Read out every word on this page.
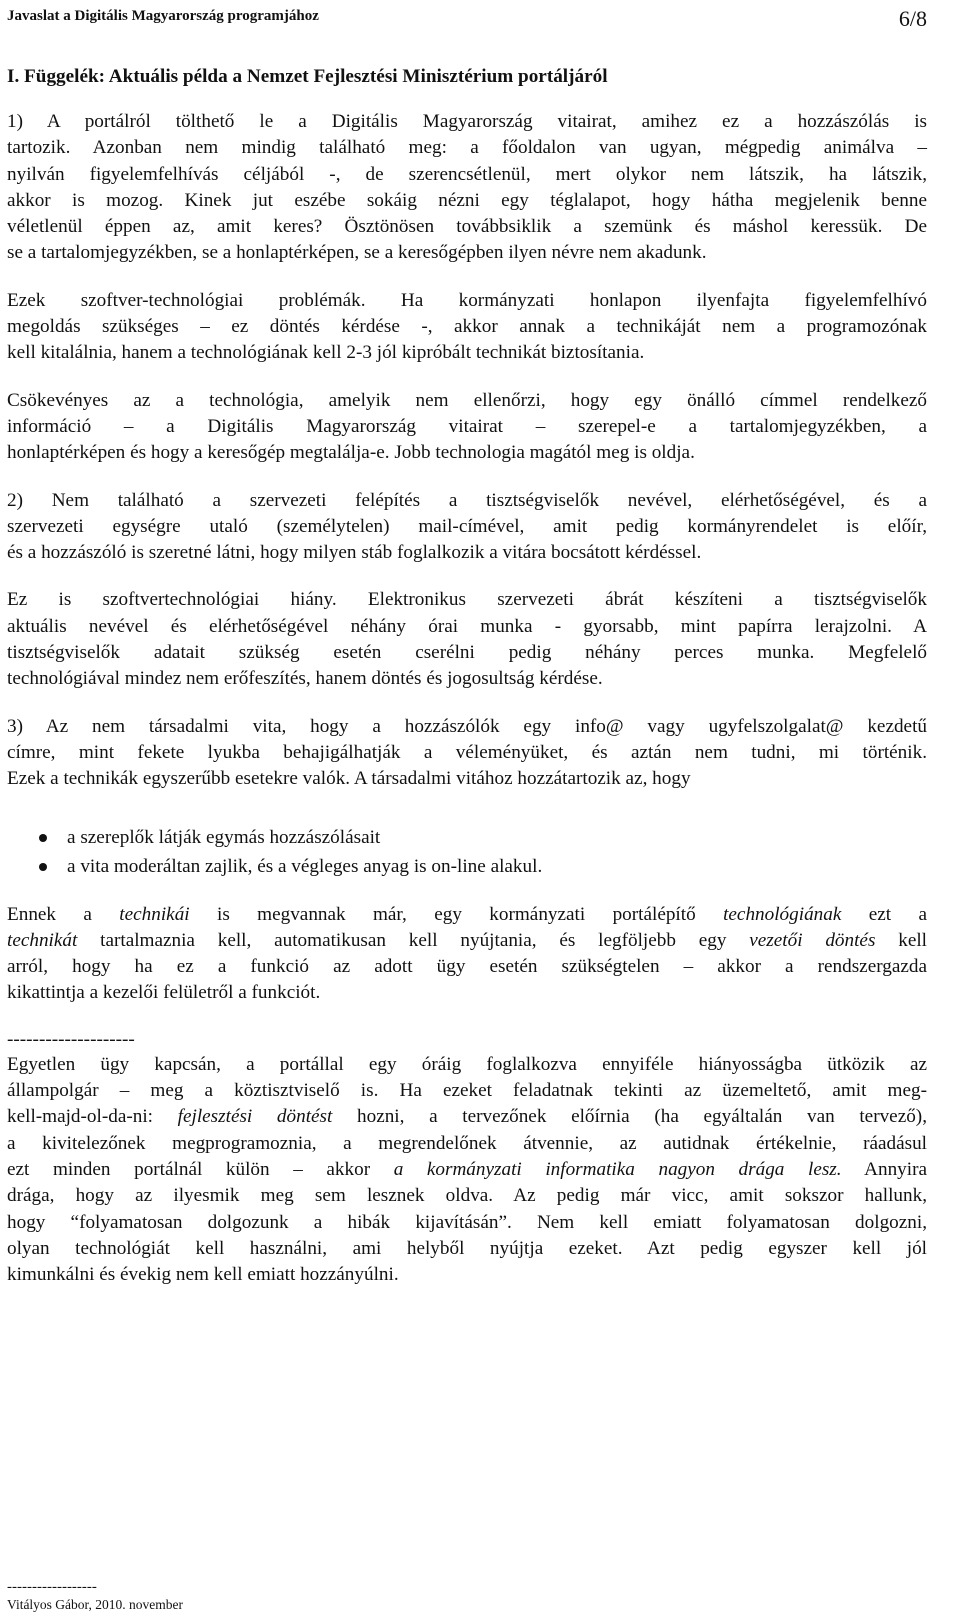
Javaslat a Digitális Magyarország programjához	6/8
I. Függelék: Aktuális példa a Nemzet Fejlesztési Minisztérium portáljáról
1) A portálról tölthető le a Digitális Magyarország vitairat, amihez ez a hozzászólás is
tartozik. Azonban nem mindig található meg: a főoldalon van ugyan, mégpedig animálva –
nyilván figyelemfelhívás céljából -, de szerencsétlenül, mert olykor nem látszik, ha látszik,
akkor is mozog. Kinek jut eszébe sokáig nézni egy téglalapot, hogy hátha megjelenik benne
véletlenül éppen az, amit keres? Ösztönösen továbbsiklik a szemünk és máshol keressük. De
se a tartalomjegyzékben, se a honlaptérképen, se a keresőgépben ilyen névre nem akadunk.
Ezek szoftver-technológiai problémák. Ha kormányzati honlapon ilyenfajta figyelemfelhívó
megoldás szükséges – ez döntés kérdése -, akkor annak a technikáját nem a programozónak
kell kitalálnia, hanem a technológiának kell 2-3 jól kipróbált technikát biztosítania.
Csökevényes az a technológia, amelyik nem ellenőrzi, hogy egy önálló címmel rendelkező
információ – a Digitális Magyarország vitairat – szerepel-e a tartalomjegyzékben, a
honlaptérképen és hogy a keresőgép megtalálja-e. Jobb technologia magától meg is oldja.
2) Nem található a szervezeti felépítés a tisztségviselők nevével, elérhetőségével, és a
szervezeti egységre utaló (személytelen) mail-címével, amit pedig kormányrendelet is előír,
és a hozzászóló is szeretné látni, hogy milyen stáb foglalkozik a vitára bocsátott kérdéssel.
Ez is szoftvertechnológiai hiány. Elektronikus szervezeti ábrát készíteni a tisztségviselők
aktuális nevével és elérhetőségével néhány órai munka - gyorsabb, mint papírra lerajzolni. A
tisztségviselők adatait szükség esetén cserélni pedig néhány perces munka. Megfelelő
technológiával mindez nem erőfeszítés, hanem döntés és jogosultság kérdése.
3) Az nem társadalmi vita, hogy a hozzászólók egy info@ vagy ugyfelszolgalat@ kezdetű
címre, mint fekete lyukba behajigálhatják a véleményüket, és aztán nem tudni, mi történik.
Ezek a technikák egyszerűbb esetekre valók. A társadalmi vitához hozzátartozik az, hogy
a szereplők látják egymás hozzászólásait
a vita moderáltan zajlik, és a végleges anyag is on-line alakul.
Ennek a technikái is megvannak már, egy kormányzati portálépítő technológiának ezt a
technikát tartalmaznia kell, automatikusan kell nyújtania, és legföljebb egy vezetői döntés kell
arról, hogy ha ez a funkció az adott ügy esetén szükségtelen – akkor a rendszergazda
kikattintja a kezelői felületről a funkciót.
--------------------
Egyetlen ügy kapcsán, a portállal egy óráig foglalkozva ennyiféle hiányosságba ütközik az
állampolgár – meg a köztisztviselő is. Ha ezeket feladatnak tekinti az üzemeltető, amit meg-
kell-majd-ol-da-ni: fejlesztési döntést hozni, a tervezőnek előírnia (ha egyáltalán van tervező),
a kivitelezőnek megprogramoznia, a megrendelőnek átvennie, az autidnak értékelnie, ráadásul
ezt minden portálnál külön – akkor a kormányzati informatika nagyon drága lesz. Annyira
drága, hogy az ilyesmik meg sem lesznek oldva. Az pedig már vicc, amit sokszor hallunk,
hogy “folyamatosan dolgozunk a hibák kijavításán”. Nem kell emiatt folyamatosan dolgozni,
olyan technológiát kell használni, ami helyből nyújtja ezeket. Azt pedig egyszer kell jól
kimunkálni és évekig nem kell emiatt hozzányúlni.
------------------
Vitályos Gábor, 2010. november
